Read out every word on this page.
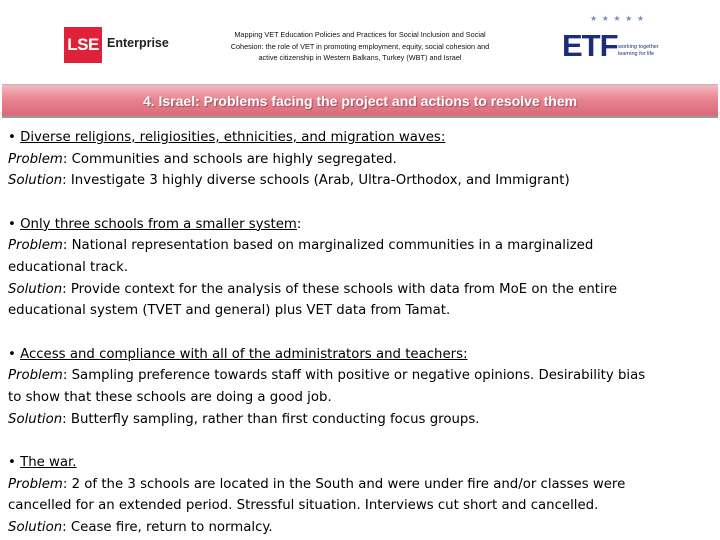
LSE Enterprise
Mapping VET Education Policies and Practices for Social Inclusion and Social
Cohesion: the role of VET in promoting employment, equity, social cohesion and
active citizenship in Western Balkans, Turkey (WBT) and Israel
★ ★ ★ ★ ★
ETF working together
learning for life
4. Israel: Problems facing the project and actions to resolve them
• Diverse religions, religiosities, ethnicities, and migration waves:
Problem: Communities and schools are highly segregated.
Solution: Investigate 3 highly diverse schools (Arab, Ultra-Orthodox, and Immigrant)
• Only three schools from a smaller system:
Problem: National representation based on marginalized communities in a marginalized
educational track.
Solution: Provide context for the analysis of these schools with data from MoE on the entire
educational system (TVET and general) plus VET data from Tamat.
• Access and compliance with all of the administrators and teachers:
Problem: Sampling preference towards staff with positive or negative opinions. Desirability bias
to show that these schools are doing a good job.
Solution: Butterfly sampling, rather than first conducting focus groups.
• The war.
Problem: 2 of the 3 schools are located in the South and were under fire and/or classes were
cancelled for an extended period. Stressful situation. Interviews cut short and cancelled.
Solution: Cease fire, return to normalcy.
